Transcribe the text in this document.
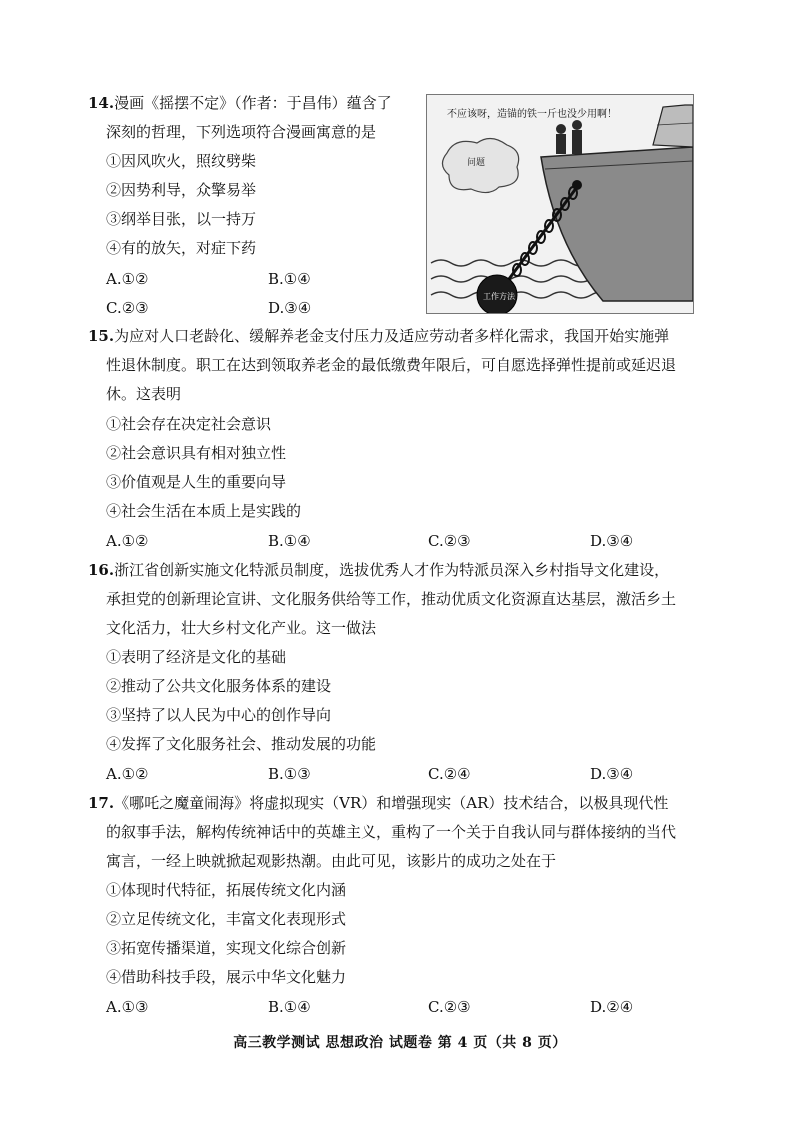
14.漫画《摇摆不定》（作者：于昌伟）蕴含了
深刻的哲理，下列选项符合漫画寓意的是
①因风吹火，照纹劈柴
②因势利导，众擎易举
③纲举目张，以一持万
④有的放矢，对症下药
A.①②	B.①④
C.②③	D.③④
不应该呀，造锚的铁一斤也没少用啊！
问题
工作方法
15.为应对人口老龄化、缓解养老金支付压力及适应劳动者多样化需求，我国开始实施弹
性退休制度。职工在达到领取养老金的最低缴费年限后，可自愿选择弹性提前或延迟退
休。这表明
①社会存在决定社会意识
②社会意识具有相对独立性
③价值观是人生的重要向导
④社会生活在本质上是实践的
A.①②	B.①④	C.②③	D.③④
16.浙江省创新实施文化特派员制度，选拔优秀人才作为特派员深入乡村指导文化建设，
承担党的创新理论宣讲、文化服务供给等工作，推动优质文化资源直达基层，激活乡土
文化活力，壮大乡村文化产业。这一做法
①表明了经济是文化的基础
②推动了公共文化服务体系的建设
③坚持了以人民为中心的创作导向
④发挥了文化服务社会、推动发展的功能
A.①②	B.①③	C.②④	D.③④
17.《哪吒之魔童闹海》将虚拟现实（VR）和增强现实（AR）技术结合，以极具现代性
的叙事手法，解构传统神话中的英雄主义，重构了一个关于自我认同与群体接纳的当代
寓言，一经上映就掀起观影热潮。由此可见，该影片的成功之处在于
①体现时代特征，拓展传统文化内涵
②立足传统文化，丰富文化表现形式
③拓宽传播渠道，实现文化综合创新
④借助科技手段，展示中华文化魅力
A.①③	B.①④	C.②③	D.②④
高三教学测试 思想政治 试题卷 第 4 页（共 8 页）
